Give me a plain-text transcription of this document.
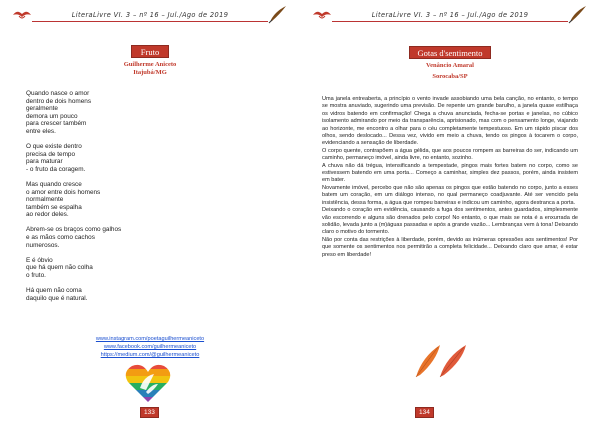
LiteraLivre VI. 3 – nº 16 – Jul./Ago de 2019
Fruto
Guilherme Aniceto
Itajubá/MG
Quando nasce o amor
dentro de dois homens
geralmente
demora um pouco
para crescer também
entre eles.
O que existe dentro
precisa de tempo
para maturar
- o fruto da coragem.
Mas quando cresce
o amor entre dois homens
normalmente
também se espalha
ao redor deles.
Abrem-se os braços como galhos
e as mãos como cachos
numerosos.
E é óbvio
que há quem não colha
o fruto.
Há quem não coma
daquilo que é natural.
www.instagram.com/poetaguilhermeaniceto
www.facebook.com/guilhermeaniceto
https://medium.com/@guilhermeaniceto
133
LiteraLivre VI. 3 – nº 16 – Jul./Ago de 2019
Gotas d'sentimento
Venâncio Amaral
Sorocaba/SP

Uma janela entreaberta, a princípio o vento invade assobiando uma bela canção, no entanto, o tempo se mostra anuviado, sugerindo uma previsão. De repente um grande barulho, a janela quase estilhaça os vidros batendo em confirmação! Chega a chuva anunciada, fecha-se portas e janelas, no cúbico isolamento admirando por meio da transparência, aprisionado, mas com o pensamento longe, viajando ao horizonte, me encontro a olhar para o céu completamente tempestuoso. Em um rápido piscar dos olhos, sendo deslocado... Dessa vez, vivido em meio a chuva, tendo os pingos à tocarem o corpo, evidenciando a sensação de liberdade.

O corpo quente, contrapõem a água gélida, que aos poucos rompem as barreiras do ser, indicando um caminho, permaneço imóvel, ainda livre, no entanto, sozinho.

A chuva não dá trégua, intensificando a tempestade, pingos mais fortes batem no corpo, como se estivessem batendo em uma porta... Começo a caminhar, simples dez passos, porém, ainda insistem em bater.

Novamente imóvel, percebo que não são apenas os pingos que estão batendo no corpo, junto a esses batem um coração, em um diálogo intenso, no qual permaneço coadjuvante. Até ser vencido pela insistência, dessa forma, a água que rompeu barreiras e indicou um caminho, agora destranca a porta.

Deixando o coração em evidência, causando a fuga dos sentimentos, antes guardados, simplesmente vão escorrendo e alguns são drenados pelo corpo! No entanto, o que mais se nota é a enxurrada de solidão, levada junto a (m)águas passadas e após a grande vazão... Lembranças vem à tona! Deixando claro o motivo do tormento.

Não por conta das restrições à liberdade, porém, devido as inúmeras opressões aos sentimentos! Por que somente os sentimentos nos permitirão a completa felicidade... Deixando claro que amar, é estar preso em liberdade!

134
